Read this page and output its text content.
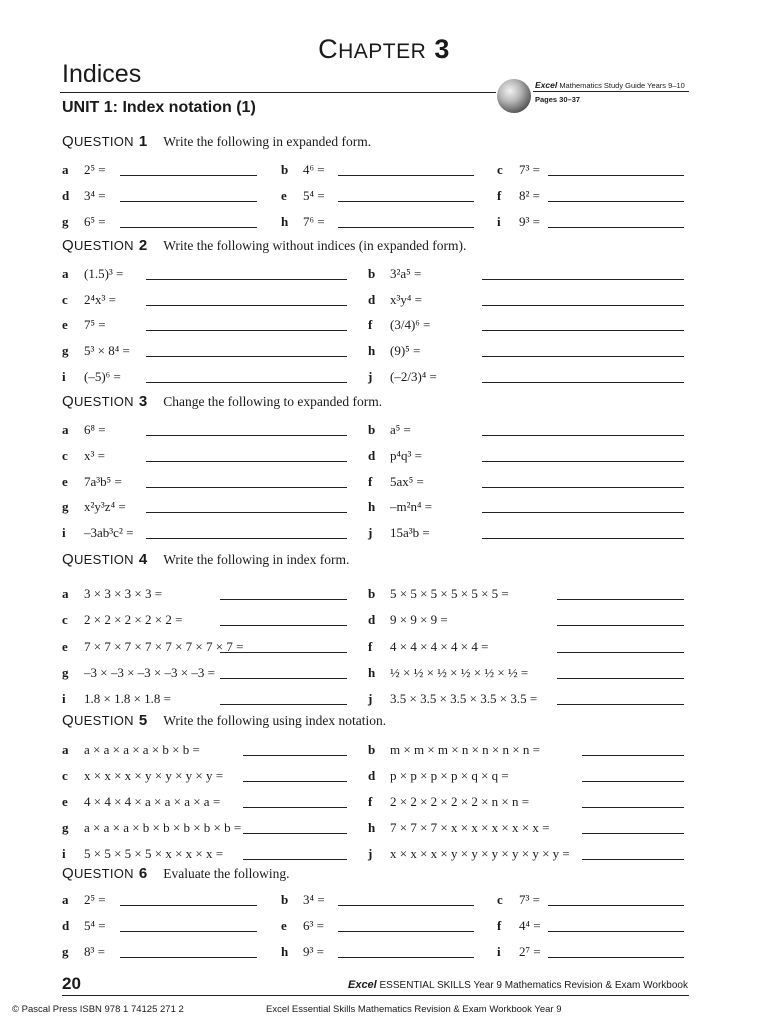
CHAPTER 3
Indices	Excel Mathematics Study Guide Years 9–10
Pages 30–37
UNIT 1: Index notation (1)
QUESTION 1 Write the following in expanded form.
a 2⁵ =	b 4⁶ =	c 7³ =
d 3⁴ =	e 5⁴ =	f 8² =
g 6⁵ =	h 7⁶ =	i 9³ =
QUESTION 2 Write the following without indices (in expanded form).
a (1.5)³ =	b 3²a⁵ =
c 2⁴x³ =	d x³y⁴ =
e 7⁵ =	f (3/4)⁶ =
g 5³ × 8⁴ =	h (9)⁵ =
i (–5)⁶ =	j (–2/3)⁴ =
QUESTION 3 Change the following to expanded form.
a 6⁸ =	b a⁵ =
c x³ =	d p⁴q³ =
e 7a³b⁵ =	f 5ax⁵ =
g x²y³z⁴ =	h –m²n⁴ =
i –3ab³c² =	j 15a³b =
QUESTION 4 Write the following in index form.
a 3 × 3 × 3 × 3 =	b 5 × 5 × 5 × 5 × 5 × 5 =
c 2 × 2 × 2 × 2 × 2 =	d 9 × 9 × 9 =
e 7 × 7 × 7 × 7 × 7 × 7 × 7 × 7 =	f 4 × 4 × 4 × 4 × 4 =
g –3 × –3 × –3 × –3 × –3 =	h ½ × ½ × ½ × ½ × ½ × ½ =
i 1.8 × 1.8 × 1.8 =	j 3.5 × 3.5 × 3.5 × 3.5 × 3.5 =
QUESTION 5 Write the following using index notation.
a a × a × a × a × b × b =	b m × m × m × n × n × n × n =
c x × x × x × y × y × y × y =	d p × p × p × p × q × q =
e 4 × 4 × 4 × a × a × a × a =	f 2 × 2 × 2 × 2 × 2 × n × n =
g a × a × a × b × b × b × b × b =	h 7 × 7 × 7 × x × x × x × x × x =
i 5 × 5 × 5 × 5 × x × x × x =	j x × x × x × y × y × y × y × y × y =
QUESTION 6 Evaluate the following.
a 2⁵ =	b 3⁴ =	c 7³ =
d 5⁴ =	e 6³ =	f 4⁴ =
g 8³ =	h 9³ =	i 2⁷ =
20	Excel ESSENTIAL SKILLS Year 9 Mathematics Revision & Exam Workbook
© Pascal Press ISBN 978 1 74125 271 2	Excel Essential Skills Mathematics Revision & Exam Workbook Year 9
